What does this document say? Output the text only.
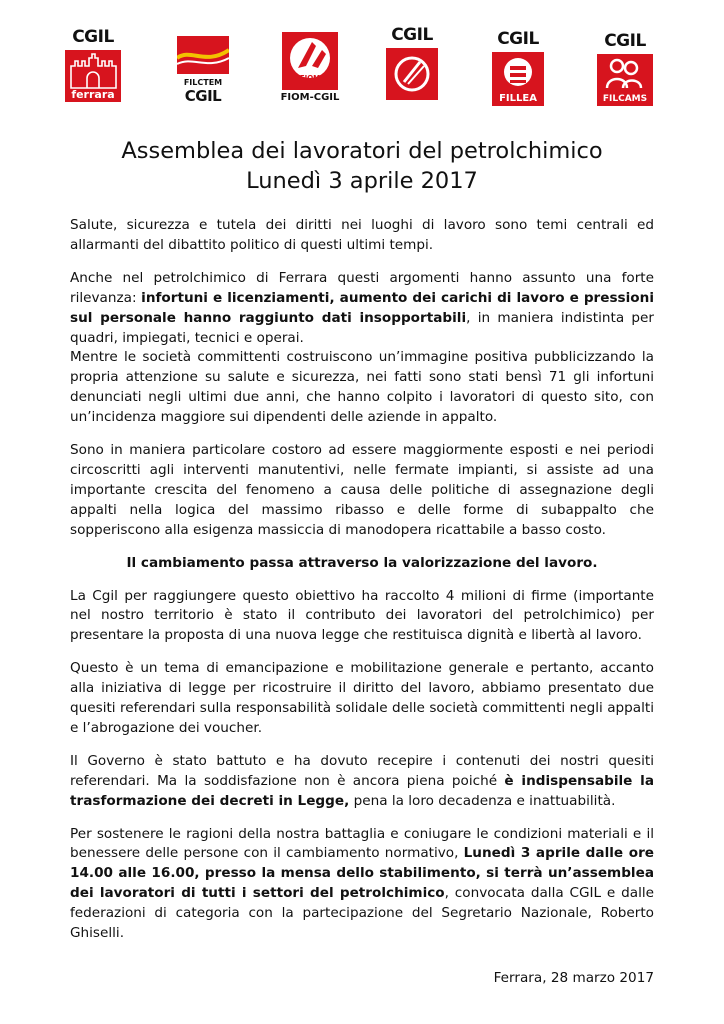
CGIL
ferrara
FILCTEM
CGIL
FIOM
FIOM-CGIL
CGIL	CGIL
FILLEA
CGIL
FILCAMS
Assemblea dei lavoratori del petrolchimico
Lunedì 3 aprile 2017

Salute, sicurezza e tutela dei diritti nei luoghi di lavoro sono temi centrali ed allarmanti del dibattito politico di questi ultimi tempi.

Anche nel petrolchimico di Ferrara questi argomenti hanno assunto una forte rilevanza: infortuni e licenziamenti, aumento dei carichi di lavoro e pressioni sul personale hanno raggiunto dati insopportabili, in maniera indistinta per quadri, impiegati, tecnici e operai.

Mentre le società committenti costruiscono un’immagine positiva pubblicizzando la propria attenzione su salute e sicurezza, nei fatti sono stati bensì 71 gli infortuni denunciati negli ultimi due anni, che hanno colpito i lavoratori di questo sito, con un’incidenza maggiore sui dipendenti delle aziende in appalto.

Sono in maniera particolare costoro ad essere maggiormente esposti e nei periodi circoscritti agli interventi manutentivi, nelle fermate impianti, si assiste ad una importante crescita del fenomeno a causa delle politiche di assegnazione degli appalti nella logica del massimo ribasso e delle forme di subappalto che sopperiscono alla esigenza massiccia di manodopera ricattabile a basso costo.

Il cambiamento passa attraverso la valorizzazione del lavoro.

La Cgil per raggiungere questo obiettivo ha raccolto 4 milioni di firme (importante nel nostro territorio è stato il contributo dei lavoratori del petrolchimico) per presentare la proposta di una nuova legge che restituisca dignità e libertà al lavoro.

Questo è un tema di emancipazione e mobilitazione generale e pertanto, accanto alla iniziativa di legge per ricostruire il diritto del lavoro, abbiamo presentato due quesiti referendari sulla responsabilità solidale delle società committenti negli appalti e l’abrogazione dei voucher.

Il Governo è stato battuto e ha dovuto recepire i contenuti dei nostri quesiti referendari. Ma la soddisfazione non è ancora piena poiché è indispensabile la trasformazione dei decreti in Legge, pena la loro decadenza e inattuabilità.

Per sostenere le ragioni della nostra battaglia e coniugare le condizioni materiali e il benessere delle persone con il cambiamento normativo, Lunedì 3 aprile dalle ore 14.00 alle 16.00, presso la mensa dello stabilimento, si terrà un’assemblea dei lavoratori di tutti i settori del petrolchimico, convocata dalla CGIL e dalle federazioni di categoria con la partecipazione del Segretario Nazionale, Roberto Ghiselli.

Ferrara, 28 marzo 2017
